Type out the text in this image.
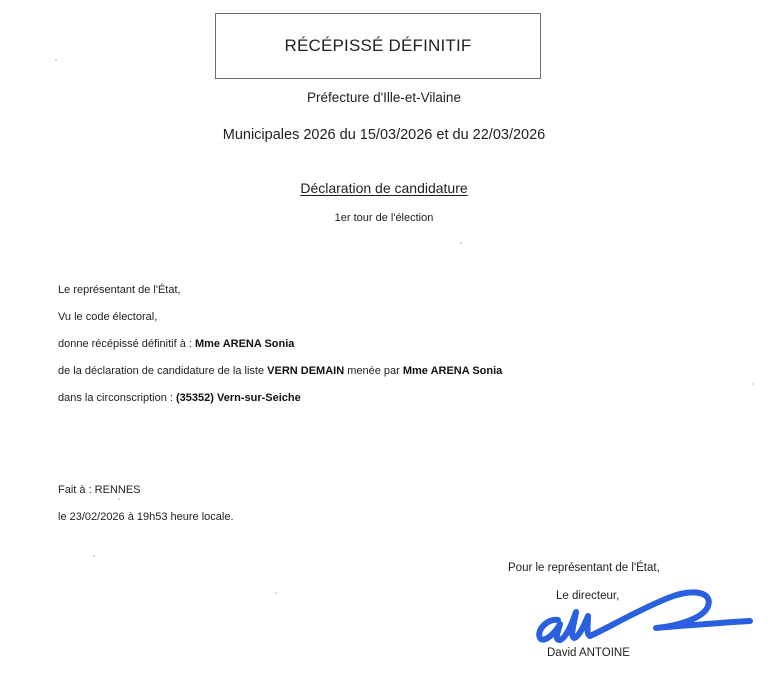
RÉCÉPISSÉ DÉFINITIF
Préfecture d'Ille-et-Vilaine
Municipales 2026 du 15/03/2026 et du 22/03/2026
Déclaration de candidature
1er tour de l'élection
Le représentant de l'État,
Vu le code électoral,
donne récépissé définitif à : Mme ARENA Sonia
de la déclaration de candidature de la liste VERN DEMAIN menée par Mme ARENA Sonia
dans la circonscription : (35352) Vern-sur-Seiche
Fait à : RENNES
le 23/02/2026 à 19h53 heure locale.
Pour le représentant de l'État,
Le directeur,
David ANTOINE
